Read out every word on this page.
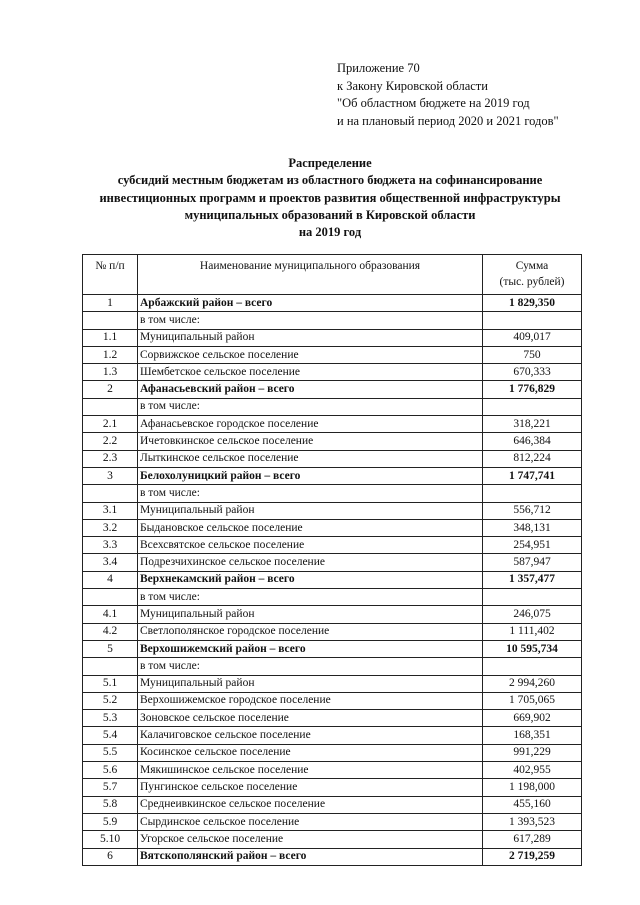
Приложение 70
к Закону Кировской области
"Об областном бюджете на 2019 год
и на плановый период 2020 и 2021 годов"
Распределение
субсидий местным бюджетам из областного бюджета на софинансирование
инвестиционных программ и проектов развития общественной инфраструктуры
муниципальных образований в Кировской области
на 2019 год
№ п/п	Наименование муниципального образования	Сумма
(тыс. рублей)

1	Арбажский район – всего	1 829,350
	в том числе:	
1.1	Муниципальный район	409,017
1.2	Сорвижское сельское поселение	750
1.3	Шембетское сельское поселение	670,333
2	Афанасьевский район – всего	1 776,829
	в том числе:	
2.1	Афанасьевское городское поселение	318,221
2.2	Ичетовкинское сельское поселение	646,384
2.3	Лыткинское сельское поселение	812,224
3	Белохолуницкий район – всего	1 747,741
	в том числе:	
3.1	Муниципальный район	556,712
3.2	Быдановское сельское поселение	348,131
3.3	Всехсвятское сельское поселение	254,951
3.4	Подрезчихинское сельское поселение	587,947
4	Верхнекамский район – всего	1 357,477
	в том числе:	
4.1	Муниципальный район	246,075
4.2	Светлополянское городское поселение	1 111,402
5	Верхошижемский район – всего	10 595,734
	в том числе:	
5.1	Муниципальный район	2 994,260
5.2	Верхошижемское городское поселение	1 705,065
5.3	Зоновское сельское поселение	669,902
5.4	Калачиговское сельское поселение	168,351
5.5	Косинское сельское поселение	991,229
5.6	Мякишинское сельское поселение	402,955
5.7	Пунгинское сельское поселение	1 198,000
5.8	Среднеивкинское сельское поселение	455,160
5.9	Сырдинское сельское поселение	1 393,523
5.10	Угорское сельское поселение	617,289
6	Вятскополянский район – всего	2 719,259
